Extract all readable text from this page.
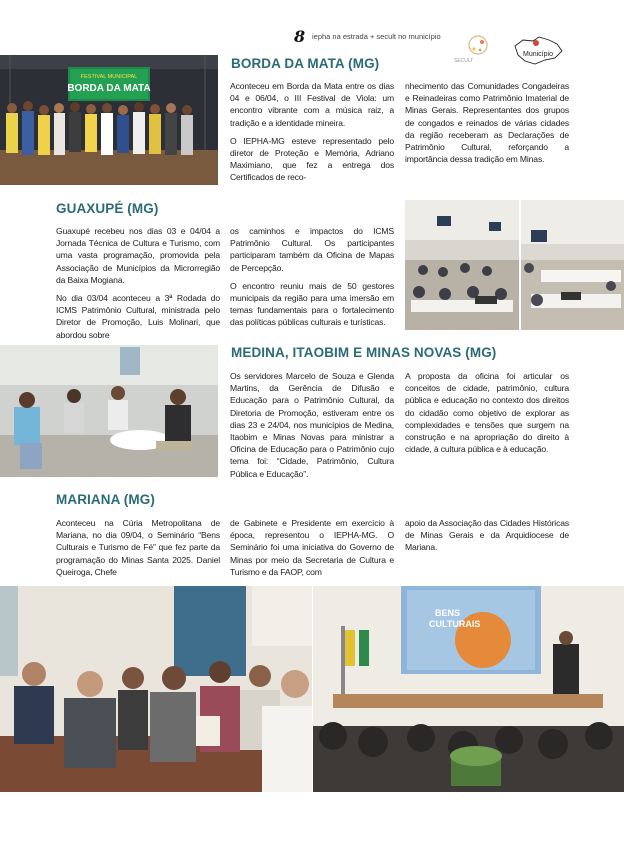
8 iepha na estrada + secult no município
SECULT
Município
FESTIVAL MUNICIPAL
BORDA DA MATA
BORDA DA MATA (MG)

Aconteceu em Borda da Mata entre os dias 04 e 06/04, o III Festival de Viola: um encontro vibrante com a música raiz, a tradição e a identidade mineira.

O IEPHA-MG esteve representado pelo diretor de Proteção e Memória, Adriano Maximiano, que fez a entrega dos Certificados de reco-

nhecimento das Comunidades Congadeiras e Reinadeiras como Patrimônio Imaterial de Minas Gerais. Representantes dos grupos de congados e reinados de várias cidades da região receberam as Declarações de Patrimônio Cultural, reforçando a importância dessa tradição em Minas.

GUAXUPÉ (MG)

Guaxupé recebeu nos dias 03 e 04/04 a Jornada Técnica de Cultura e Turismo, com uma vasta programação, promovida pela Associação de Municípios da Microrregião da Baixa Mogiana.

No dia 03/04 aconteceu a 3ª Rodada do ICMS Patrimônio Cultural, ministrada pelo Diretor de Promoção, Luis Molinari, que abordou sobre

os caminhos e impactos do ICMS Patrimônio Cultural. Os participantes participaram também da Oficina de Mapas de Percepção.

O encontro reuniu mais de 50 gestores municipais da região para uma imersão em temas fundamentais para o fortalecimento das políticas públicas culturais e turísticas.

MEDINA, ITAOBIM E MINAS NOVAS (MG)

Os servidores Marcelo de Souza e Glenda Martins, da Gerência de Difusão e Educação para o Patrimônio Cultural, da Diretoria de Promoção, estiveram entre os dias 23 e 24/04, nos municípios de Medina, Itaobim e Minas Novas para ministrar a Oficina de Educação para o Patrimônio cujo tema foi: “Cidade, Patrimônio, Cultura Pública e Educação”.

A proposta da oficina foi articular os conceitos de cidade, patrimônio, cultura pública e educação no contexto dos direitos do cidadão como objetivo de explorar as complexidades e tensões que surgem na construção e na apropriação do direito à cidade, à cultura pública e à educação.

MARIANA (MG)

Aconteceu na Cúria Metropolitana de Mariana, no dia 09/04, o Seminário “Bens Culturais e Turismo de Fé” que fez parte da programação do Minas Santa 2025. Daniel Queiroga, Chefe

de Gabinete e Presidente em exercício à época, representou o IEPHA-MG. O Seminário foi uma iniciativa do Governo de Minas por meio da Secretaria de Cultura e Turismo e da FAOP, com

apoio da Associação das Cidades Históricas de Minas Gerais e da Arquidiocese de Mariana.

BENS
CULTURAIS
